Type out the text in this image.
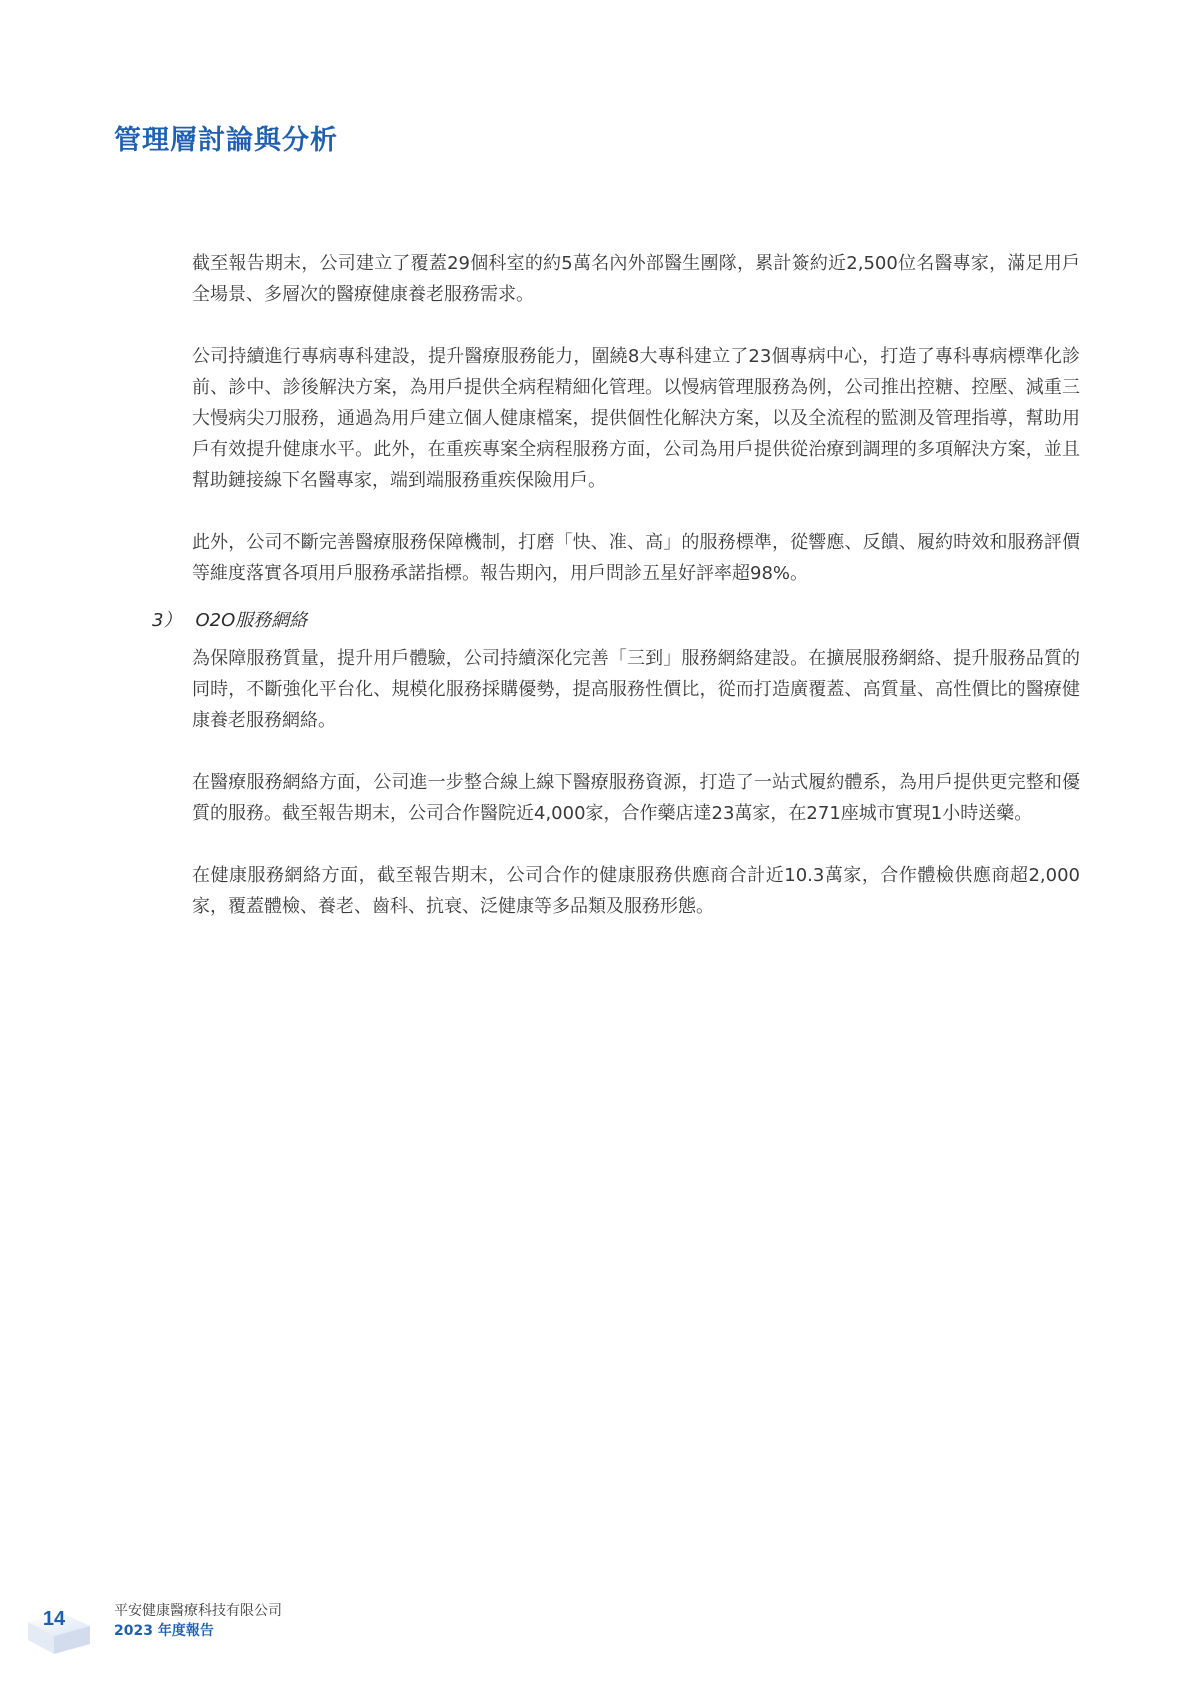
管理層討論與分析

截至報告期末，公司建立了覆蓋29個科室的約5萬名內外部醫生團隊，累計簽約近2,500位名醫專家，滿足用戶全場景、多層次的醫療健康養老服務需求。

公司持續進行專病專科建設，提升醫療服務能力，圍繞8大專科建立了23個專病中心，打造了專科專病標準化診前、診中、診後解決方案，為用戶提供全病程精細化管理。以慢病管理服務為例，公司推出控糖、控壓、減重三大慢病尖刀服務，通過為用戶建立個人健康檔案，提供個性化解決方案，以及全流程的監測及管理指導，幫助用戶有效提升健康水平。此外，在重疾專案全病程服務方面，公司為用戶提供從治療到調理的多項解決方案，並且幫助鏈接線下名醫專家，端到端服務重疾保險用戶。

此外，公司不斷完善醫療服務保障機制，打磨「快、准、高」的服務標準，從響應、反饋、履約時效和服務評價等維度落實各項用戶服務承諾指標。報告期內，用戶問診五星好評率超98%。

3） O2O服務網絡

為保障服務質量，提升用戶體驗，公司持續深化完善「三到」服務網絡建設。在擴展服務網絡、提升服務品質的同時，不斷強化平台化、規模化服務採購優勢，提高服務性價比，從而打造廣覆蓋、高質量、高性價比的醫療健康養老服務網絡。

在醫療服務網絡方面，公司進一步整合線上線下醫療服務資源，打造了一站式履約體系，為用戶提供更完整和優質的服務。截至報告期末，公司合作醫院近4,000家，合作藥店達23萬家，在271座城市實現1小時送藥。

在健康服務網絡方面，截至報告期末，公司合作的健康服務供應商合計近10.3萬家，合作體檢供應商超2,000家，覆蓋體檢、養老、齒科、抗衰、泛健康等多品類及服務形態。

14	平安健康醫療科技有限公司
2023 年度報告
